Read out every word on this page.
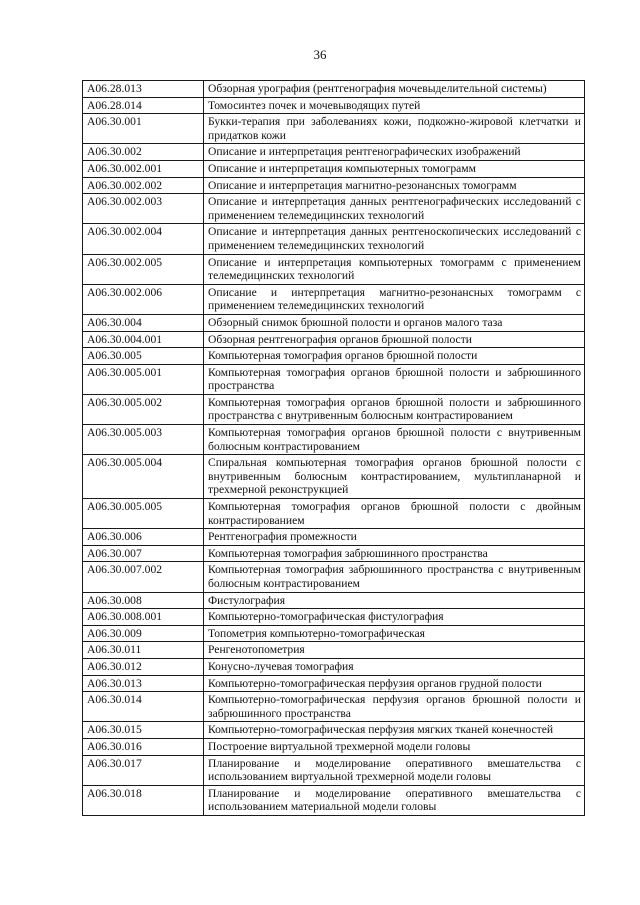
36
A06.28.013	Обзорная урография (рентгенография мочевыделительной системы)
A06.28.014	Томосинтез почек и мочевыводящих путей
A06.30.001	Букки-терапия при заболеваниях кожи, подкожно-жировой клетчатки и придатков кожи
A06.30.002	Описание и интерпретация рентгенографических изображений
A06.30.002.001	Описание и интерпретация компьютерных томограмм
A06.30.002.002	Описание и интерпретация магнитно-резонансных томограмм
A06.30.002.003	Описание и интерпретация данных рентгенографических исследований с применением телемедицинских технологий
A06.30.002.004	Описание и интерпретация данных рентгеноскопических исследований с применением телемедицинских технологий
A06.30.002.005	Описание и интерпретация компьютерных томограмм с применением телемедицинских технологий
A06.30.002.006	Описание и интерпретация магнитно-резонансных томограмм с применением телемедицинских технологий
A06.30.004	Обзорный снимок брюшной полости и органов малого таза
A06.30.004.001	Обзорная рентгенография органов брюшной полости
A06.30.005	Компьютерная томография органов брюшной полости
A06.30.005.001	Компьютерная томография органов брюшной полости и забрюшинного пространства
A06.30.005.002	Компьютерная томография органов брюшной полости и забрюшинного пространства с внутривенным болюсным контрастированием
A06.30.005.003	Компьютерная томография органов брюшной полости с внутривенным болюсным контрастированием
A06.30.005.004	Спиральная компьютерная томография органов брюшной полости с внутривенным болюсным контрастированием, мультипланарной и трехмерной реконструкцией
A06.30.005.005	Компьютерная томография органов брюшной полости с двойным контрастированием
A06.30.006	Рентгенография промежности
A06.30.007	Компьютерная томография забрюшинного пространства
A06.30.007.002	Компьютерная томография забрюшинного пространства с внутривенным болюсным контрастированием
A06.30.008	Фистулография
A06.30.008.001	Компьютерно-томографическая фистулография
A06.30.009	Топометрия компьютерно-томографическая
A06.30.011	Ренгенотопометрия
A06.30.012	Конусно-лучевая томография
A06.30.013	Компьютерно-томографическая перфузия органов грудной полости
A06.30.014	Компьютерно-томографическая перфузия органов брюшной полости и забрюшинного пространства
A06.30.015	Компьютерно-томографическая перфузия мягких тканей конечностей
A06.30.016	Построение виртуальной трехмерной модели головы
A06.30.017	Планирование и моделирование оперативного вмешательства с использованием виртуальной трехмерной модели головы
A06.30.018	Планирование и моделирование оперативного вмешательства с использованием материальной модели головы
